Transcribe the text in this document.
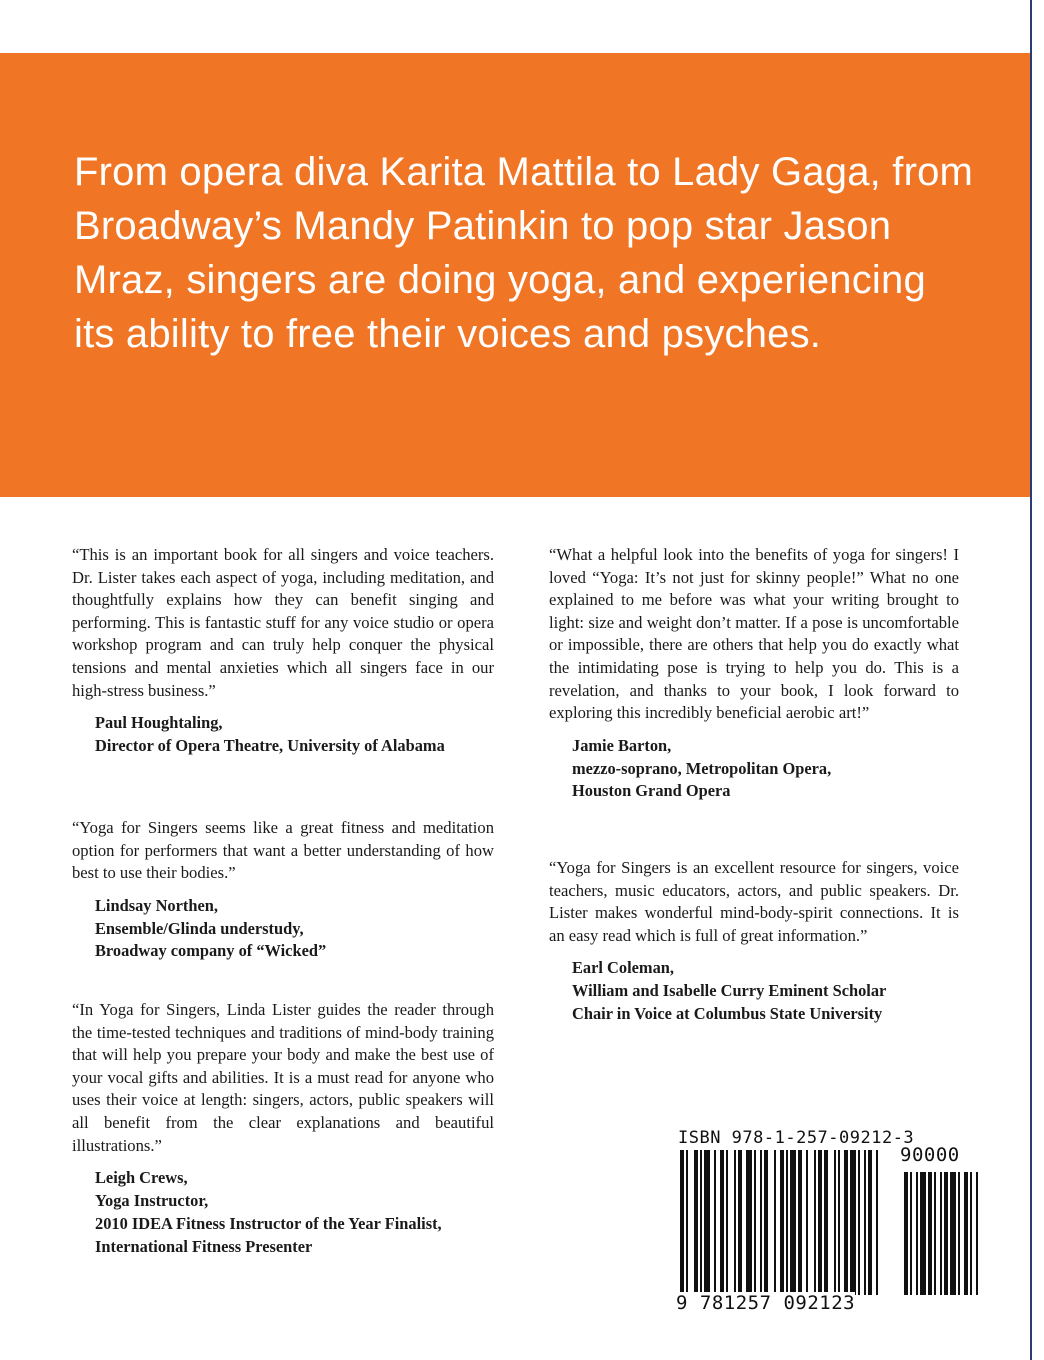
From opera diva Karita Mattila to Lady Gaga, from Broadway’s Mandy Patinkin to pop star Jason Mraz, singers are doing yoga, and experiencing its ability to free their voices and psyches.

“This is an important book for all singers and voice teachers. Dr. Lister takes each aspect of yoga, including meditation, and thoughtfully explains how they can benefit singing and performing. This is fantastic stuff for any voice studio or opera workshop program and can truly help conquer the physical tensions and mental anxieties which all singers face in our high-stress business.”

Paul Houghtaling,
Director of Opera Theatre, University of Alabama

“Yoga for Singers seems like a great fitness and meditation option for performers that want a better understanding of how best to use their bodies.”

Lindsay Northen,
Ensemble/Glinda understudy,
Broadway company of “Wicked”

“In Yoga for Singers, Linda Lister guides the reader through the time-tested techniques and traditions of mind-body training that will help you prepare your body and make the best use of your vocal gifts and abilities. It is a must read for anyone who uses their voice at length: singers, actors, public speakers will all benefit from the clear explanations and beautiful illustrations.”

Leigh Crews,
Yoga Instructor,
2010 IDEA Fitness Instructor of the Year Finalist,
International Fitness Presenter

“What a helpful look into the benefits of yoga for singers! I loved “Yoga: It’s not just for skinny people!” What no one explained to me before was what your writing brought to light: size and weight don’t matter. If a pose is uncomfortable or impossible, there are others that help you do exactly what the intimidating pose is trying to help you do. This is a revelation, and thanks to your book, I look forward to exploring this incredibly beneficial aerobic art!”

Jamie Barton,
mezzo-soprano, Metropolitan Opera,
Houston Grand Opera

“Yoga for Singers is an excellent resource for singers, voice teachers, music educators, actors, and public speakers. Dr. Lister makes wonderful mind-body-spirit connections. It is an easy read which is full of great information.”

Earl Coleman,
William and Isabelle Curry Eminent Scholar
Chair in Voice at Columbus State University
ISBN 978-1-257-09212-3
90000
9 781257 092123
